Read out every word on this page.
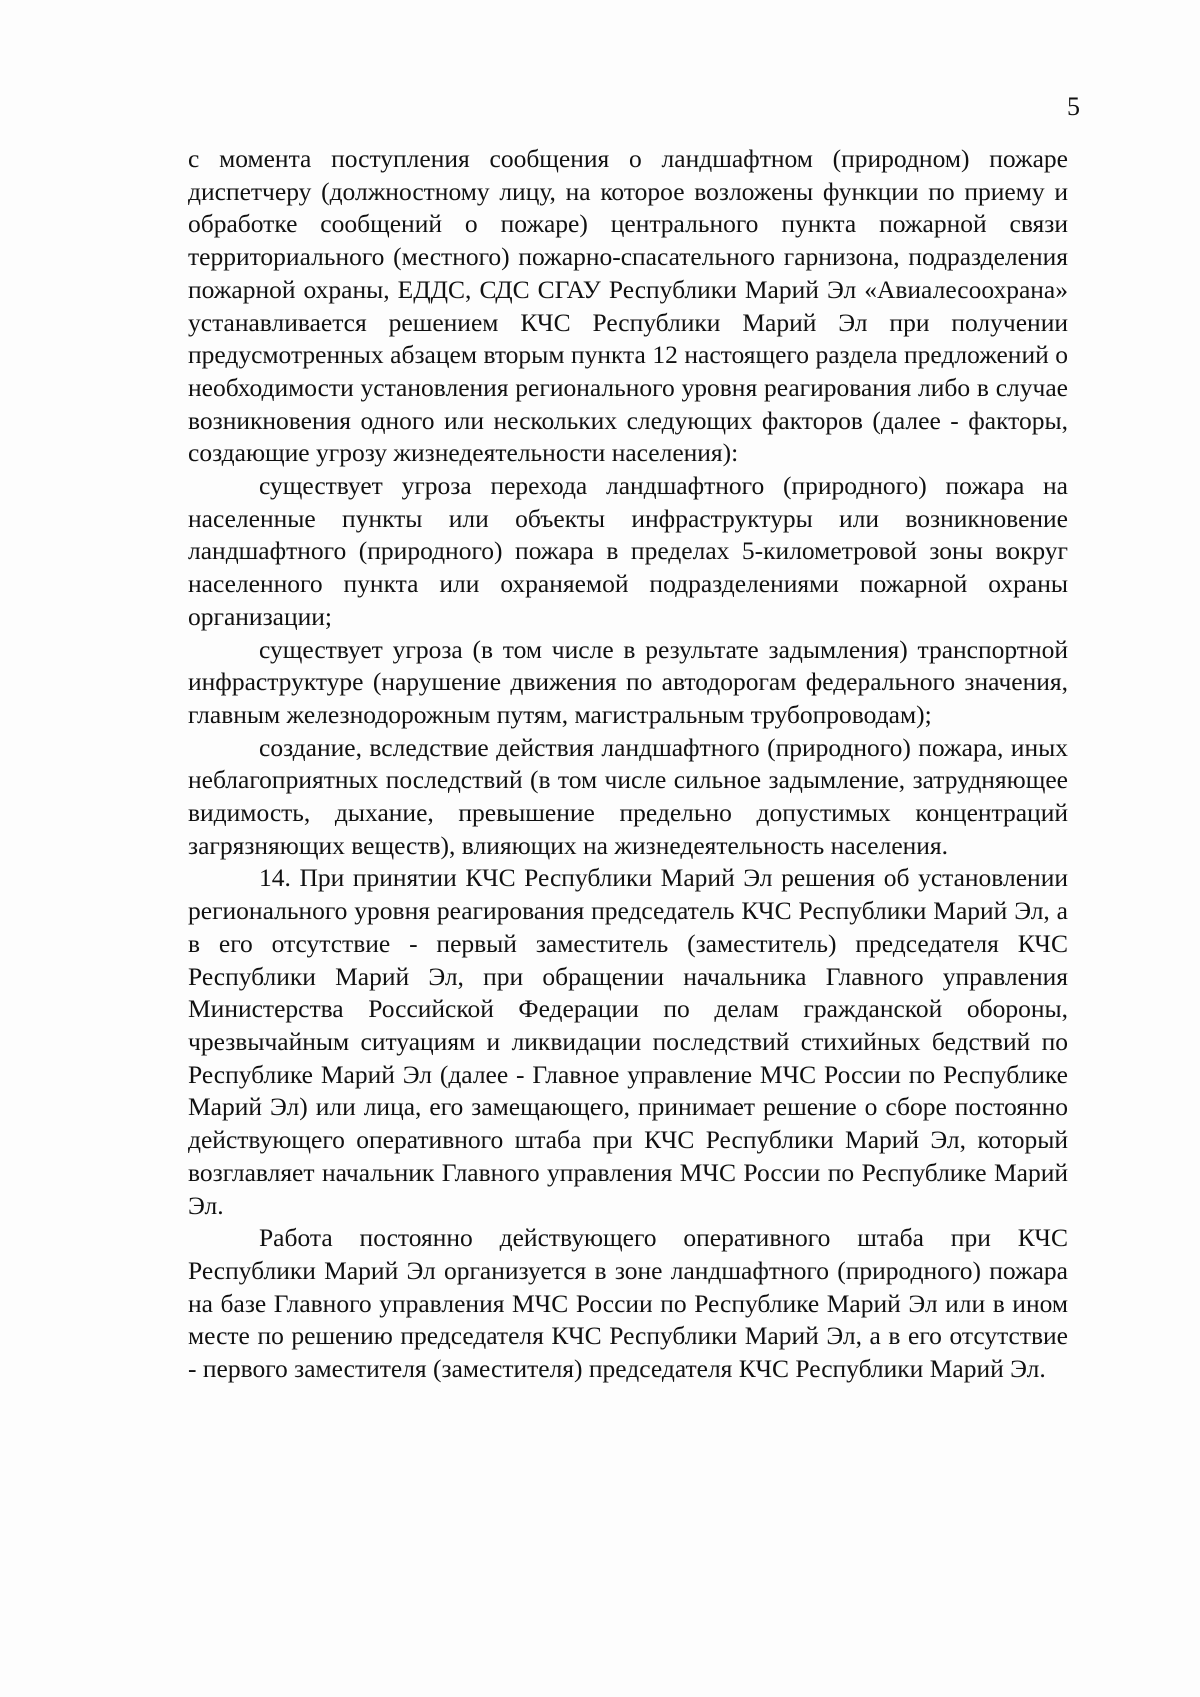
5

с момента поступления сообщения о ландшафтном (природном) пожаре диспетчеру (должностному лицу, на которое возложены функции по приему и обработке сообщений о пожаре) центрального пункта пожарной связи территориального (местного) пожарно-спасательного гарнизона, подразделения пожарной охраны, ЕДДС, СДС СГАУ Республики Марий Эл «Авиалесоохрана» устанавливается решением КЧС Республики Марий Эл при получении предусмотренных абзацем вторым пункта 12 настоящего раздела предложений о необходимости установления регионального уровня реагирования либо в случае возникновения одного или нескольких следующих факторов (далее - факторы, создающие угрозу жизнедеятельности населения):

существует угроза перехода ландшафтного (природного) пожара на населенные пункты или объекты инфраструктуры или возникновение ландшафтного (природного) пожара в пределах 5-километровой зоны вокруг населенного пункта или охраняемой подразделениями пожарной охраны организации;

существует угроза (в том числе в результате задымления) транспортной инфраструктуре (нарушение движения по автодорогам федерального значения, главным железнодорожным путям, магистральным трубопроводам);

создание, вследствие действия ландшафтного (природного) пожара, иных неблагоприятных последствий (в том числе сильное задымление, затрудняющее видимость, дыхание, превышение предельно допустимых концентраций загрязняющих веществ), влияющих на жизнедеятельность населения.

14. При принятии КЧС Республики Марий Эл решения об установлении регионального уровня реагирования председатель КЧС Республики Марий Эл, а в его отсутствие - первый заместитель (заместитель) председателя КЧС Республики Марий Эл, при обращении начальника Главного управления Министерства Российской Федерации по делам гражданской обороны, чрезвычайным ситуациям и ликвидации последствий стихийных бедствий по Республике Марий Эл (далее - Главное управление МЧС России по Республике Марий Эл) или лица, его замещающего, принимает решение о сборе постоянно действующего оперативного штаба при КЧС Республики Марий Эл, который возглавляет начальник Главного управления МЧС России по Республике Марий Эл.

Работа постоянно действующего оперативного штаба при КЧС Республики Марий Эл организуется в зоне ландшафтного (природного) пожара на базе Главного управления МЧС России по Республике Марий Эл или в ином месте по решению председателя КЧС Республики Марий Эл, а в его отсутствие - первого заместителя (заместителя) председателя КЧС Республики Марий Эл.
